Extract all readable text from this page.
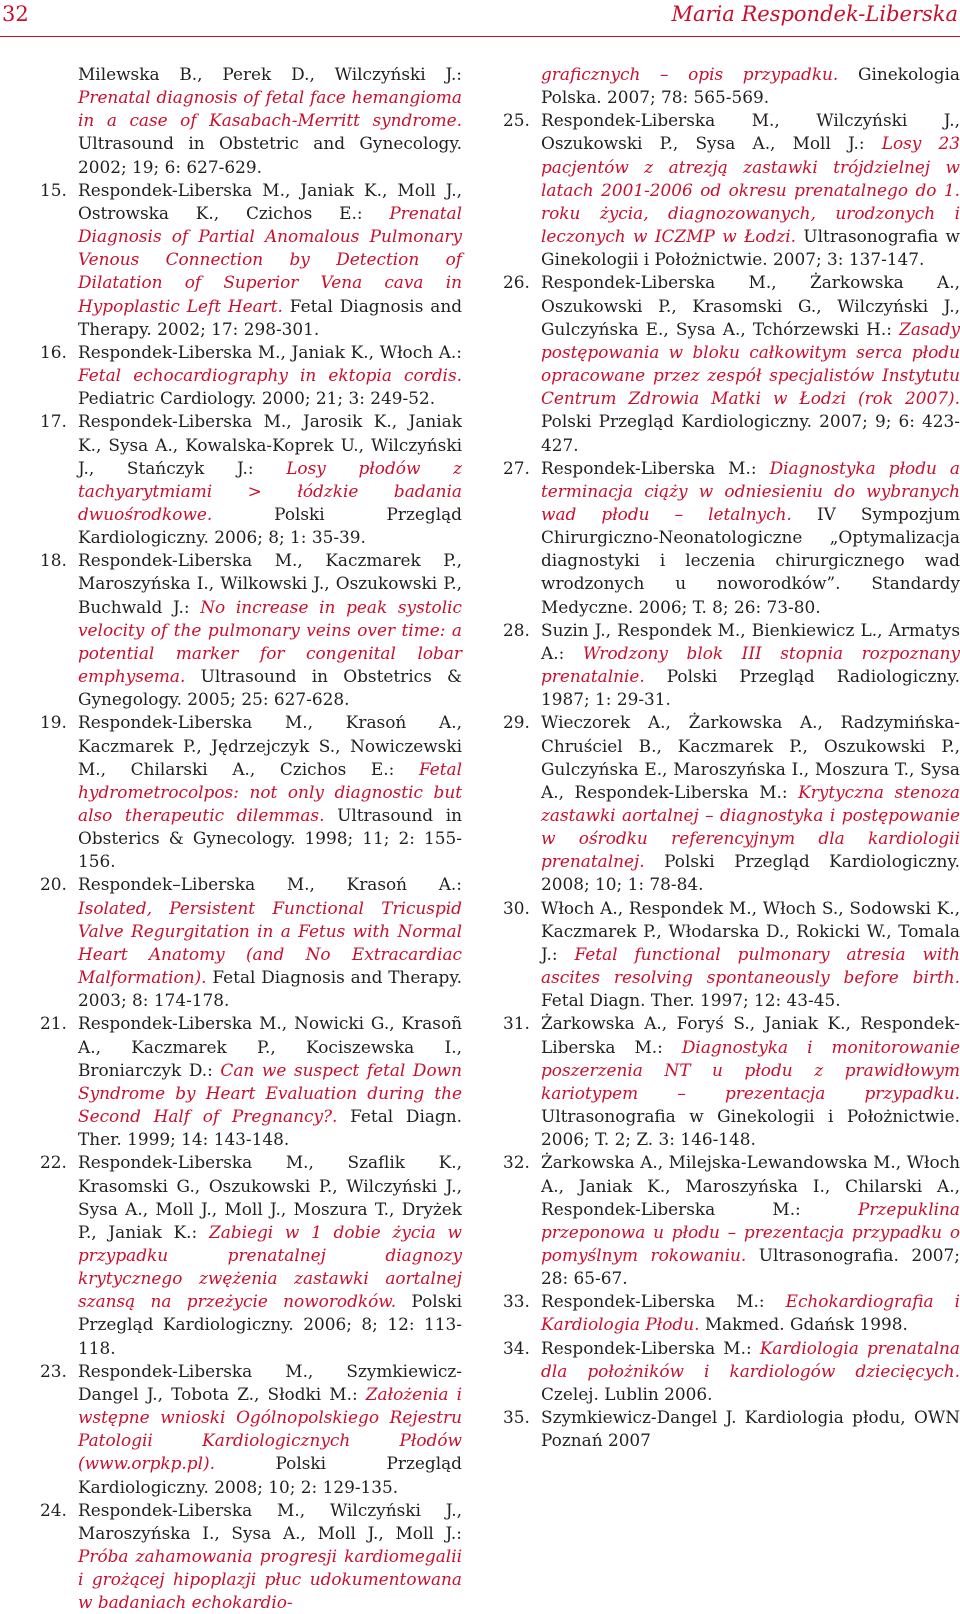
32	Maria Respondek-Liberska

Milewska B., Perek D., Wilczyński J.: Prenatal diagnosis of fetal face hemangioma in a case of Kasabach-Merritt syndrome. Ultrasound in Obstetric and Gynecology. 2002; 19; 6: 627-629.

15. Respondek-Liberska M., Janiak K., Moll J., Ostrowska K., Czichos E.: Prenatal Diagnosis of Partial Anomalous Pulmonary Venous Connection by Detection of Dilatation of Superior Vena cava in Hypoplastic Left Heart. Fetal Diagnosis and Therapy. 2002; 17: 298-301.

16. Respondek-Liberska M., Janiak K., Włoch A.: Fetal echocardiography in ektopia cordis. Pediatric Cardiology. 2000; 21; 3: 249-52.

17. Respondek-Liberska M., Jarosik K., Janiak K., Sysa A., Kowalska-Koprek U., Wilczyński J., Stańczyk J.: Losy płodów z tachyarytmiami > łódzkie badania dwuośrodkowe. Polski Przegląd Kardiologiczny. 2006; 8; 1: 35-39.

18. Respondek-Liberska M., Kaczmarek P., Maroszyńska I., Wilkowski J., Oszukowski P., Buchwald J.: No increase in peak systolic velocity of the pulmonary veins over time: a potential marker for congenital lobar emphysema. Ultrasound in Obstetrics & Gynegology. 2005; 25: 627-628.

19. Respondek-Liberska M., Krasoń A., Kaczmarek P., Jędrzejczyk S., Nowiczewski M., Chilarski A., Czichos E.: Fetal hydrometrocolpos: not only diagnostic but also therapeutic dilemmas. Ultrasound in Obsterics & Gynecology. 1998; 11; 2: 155-156.

20. Respondek–Liberska M., Krasoń A.: Isolated, Persistent Functional Tricuspid Valve Regurgitation in a Fetus with Normal Heart Anatomy (and No Extracardiac Malformation). Fetal Diagnosis and Therapy. 2003; 8: 174-178.

21. Respondek-Liberska M., Nowicki G., Krasoñ A., Kaczmarek P., Kociszewska I., Broniarczyk D.: Can we suspect fetal Down Syndrome by Heart Evaluation during the Second Half of Pregnancy?. Fetal Diagn. Ther. 1999; 14: 143-148.

22. Respondek-Liberska M., Szaflik K., Krasomski G., Oszukowski P., Wilczyński J., Sysa A., Moll J., Moll J., Moszura T., Dryżek P., Janiak K.: Zabiegi w 1 dobie życia w przypadku prenatalnej diagnozy krytycznego zwężenia zastawki aortalnej szansą na przeżycie noworodków. Polski Przegląd Kardiologiczny. 2006; 8; 12: 113-118.

23. Respondek-Liberska M., Szymkiewicz-Dangel J., Tobota Z., Słodki M.: Założenia i wstępne wnioski Ogólnopolskiego Rejestru Patologii Kardiologicznych Płodów (www.orpkp.pl). Polski Przegląd Kardiologiczny. 2008; 10; 2: 129-135.

24. Respondek-Liberska M., Wilczyński J., Maroszyńska I., Sysa A., Moll J., Moll J.: Próba zahamowania progresji kardiomegalii i grożącej hipoplazji płuc udokumentowana w badaniach echokardio-

graficznych – opis przypadku. Ginekologia Polska. 2007; 78: 565-569.

25. Respondek-Liberska M., Wilczyński J., Oszukowski P., Sysa A., Moll J.: Losy 23 pacjentów z atrezją zastawki trójdzielnej w latach 2001-2006 od okresu prenatalnego do 1. roku życia, diagnozowanych, urodzonych i leczonych w ICZMP w Łodzi. Ultrasonografia w Ginekologii i Położnictwie. 2007; 3: 137-147.

26. Respondek-Liberska M., Żarkowska A., Oszukowski P., Krasomski G., Wilczyński J., Gulczyńska E., Sysa A., Tchórzewski H.: Zasady postępowania w bloku całkowitym serca płodu opracowane przez zespół specjalistów Instytutu Centrum Zdrowia Matki w Łodzi (rok 2007). Polski Przegląd Kardiologiczny. 2007; 9; 6: 423-427.

27. Respondek-Liberska M.: Diagnostyka płodu a terminacja ciąży w odniesieniu do wybranych wad płodu – letalnych. IV Sympozjum Chirurgiczno-Neonatologiczne „Optymalizacja diagnostyki i leczenia chirurgicznego wad wrodzonych u noworodków”. Standardy Medyczne. 2006; T. 8; 26: 73-80.

28. Suzin J., Respondek M., Bienkiewicz L., Armatys A.: Wrodzony blok III stopnia rozpoznany prenatalnie. Polski Przegląd Radiologiczny. 1987; 1: 29-31.

29. Wieczorek A., Żarkowska A., Radzymińska-Chruściel B., Kaczmarek P., Oszukowski P., Gulczyńska E., Maroszyńska I., Moszura T., Sysa A., Respondek-Liberska M.: Krytyczna stenoza zastawki aortalnej – diagnostyka i postępowanie w ośrodku referencyjnym dla kardiologii prenatalnej. Polski Przegląd Kardiologiczny. 2008; 10; 1: 78-84.

30. Włoch A., Respondek M., Włoch S., Sodowski K., Kaczmarek P., Włodarska D., Rokicki W., Tomala J.: Fetal functional pulmonary atresia with ascites resolving spontaneously before birth. Fetal Diagn. Ther. 1997; 12: 43-45.

31. Żarkowska A., Foryś S., Janiak K., Respondek-Liberska M.: Diagnostyka i monitorowanie poszerzenia NT u płodu z prawidłowym kariotypem – prezentacja przypadku. Ultrasonografia w Ginekologii i Położnictwie. 2006; T. 2; Z. 3: 146-148.

32. Żarkowska A., Milejska-Lewandowska M., Włoch A., Janiak K., Maroszyńska I., Chilarski A., Respondek-Liberska M.: Przepuklina przeponowa u płodu – prezentacja przypadku o pomyślnym rokowaniu. Ultrasonografia. 2007; 28: 65-67.

33. Respondek-Liberska M.: Echokardiografia i Kardiologia Płodu. Makmed. Gdańsk 1998.

34. Respondek-Liberska M.: Kardiologia prenatalna dla położników i kardiologów dziecięcych. Czelej. Lublin 2006.

35. Szymkiewicz-Dangel J. Kardiologia płodu, OWN Poznań 2007
